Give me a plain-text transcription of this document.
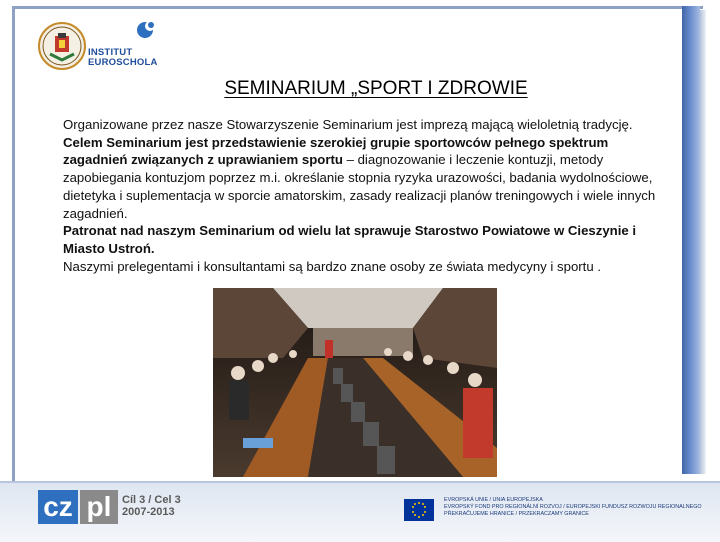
INSTITUT
EUROSCHOLA
SEMINARIUM „SPORT I ZDROWIE
Organizowane przez nasze Stowarzyszenie Seminarium jest imprezą mającą wieloletnią tradycję. Celem Seminarium jest przedstawienie szerokiej grupie sportowców pełnego spektrum zagadnień związanych z uprawianiem sportu – diagnozowanie i leczenie kontuzji, metody zapobiegania kontuzjom poprzez m.i. określanie stopnia ryzyka urazowości, badania wydolnościowe, dietetyka i suplementacja w sporcie amatorskim, zasady realizacji planów treningowych i wiele innych zagadnień.
Patronat nad naszym Seminarium od wielu lat sprawuje Starostwo Powiatowe w Cieszynie i Miasto Ustroń.
Naszymi prelegentami i konsultantami są bardzo znane osoby ze świata medycyny i sportu .
cz pl Cíl 3 / Cel 3
2007‑2013
EVROPSKÁ UNIE / UNIA EUROPEJSKA
EVROPSKÝ FOND PRO REGIONÁLNÍ ROZVOJ / EUROPEJSKI FUNDUSZ ROZWOJU REGIONALNEGO
PŘEKRAČUJEME HRANICE / PRZEKRACZAMY GRANICE
